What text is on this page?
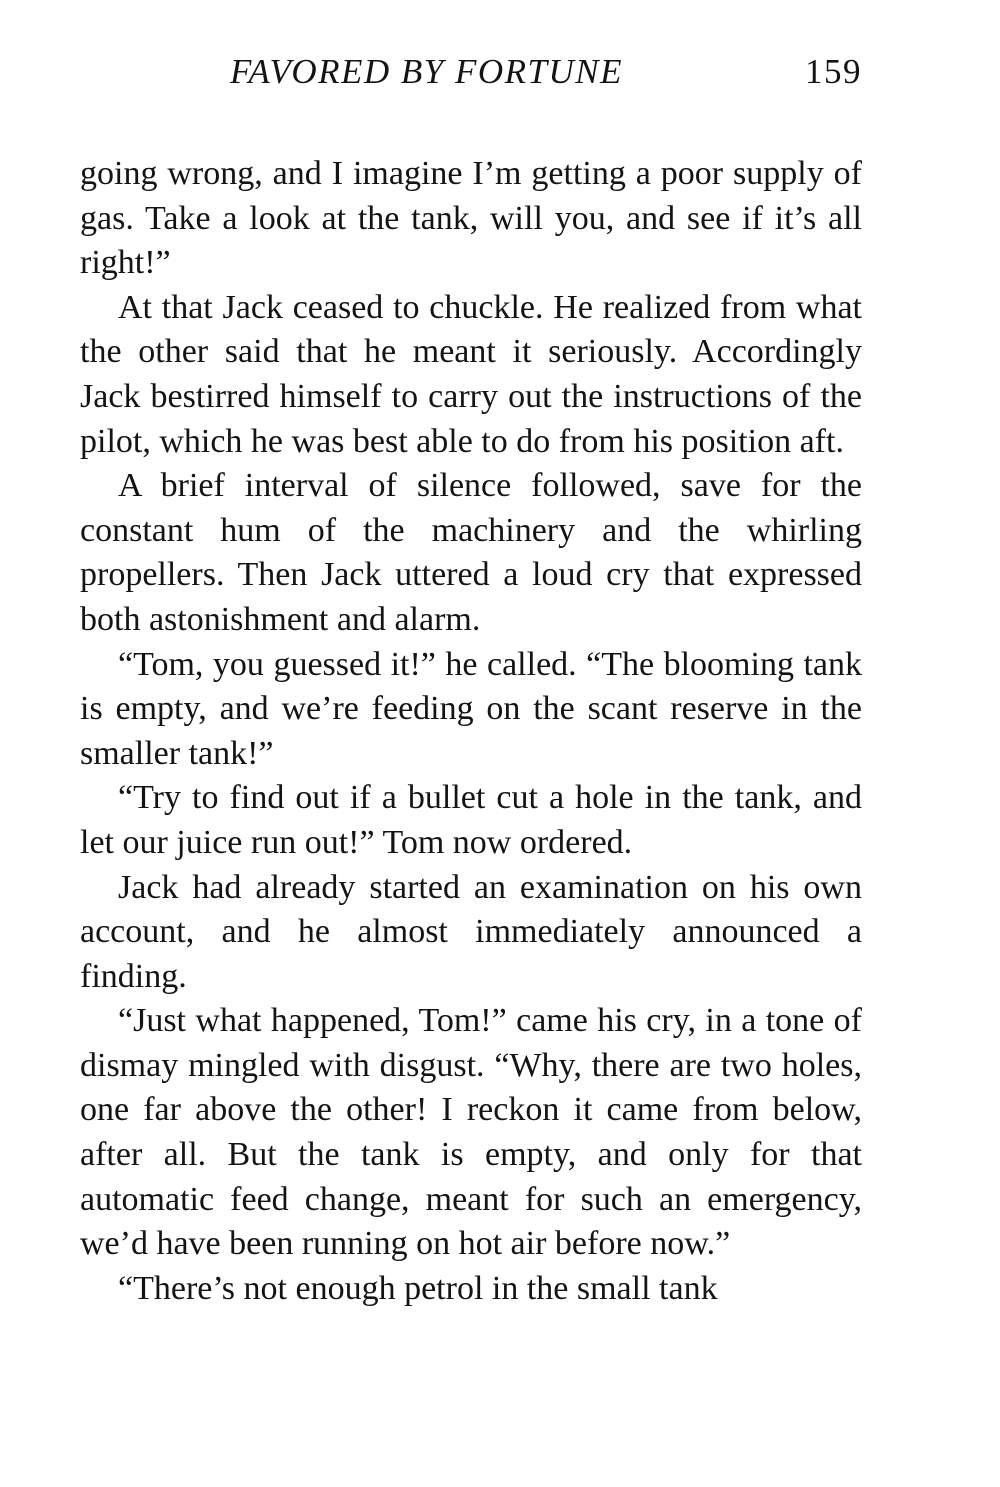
FAVORED BY FORTUNE	159

going wrong, and I imagine I’m getting a poor supply of gas. Take a look at the tank, will you, and see if it’s all right!”

At that Jack ceased to chuckle. He realized from what the other said that he meant it seriously. Accordingly Jack bestirred himself to carry out the instructions of the pilot, which he was best able to do from his position aft.

A brief interval of silence followed, save for the constant hum of the machinery and the whirling propellers. Then Jack uttered a loud cry that expressed both astonishment and alarm.

“Tom, you guessed it!” he called. “The blooming tank is empty, and we’re feeding on the scant reserve in the smaller tank!”

“Try to find out if a bullet cut a hole in the tank, and let our juice run out!” Tom now ordered.

Jack had already started an examination on his own account, and he almost immediately announced a finding.

“Just what happened, Tom!” came his cry, in a tone of dismay mingled with disgust. “Why, there are two holes, one far above the other! I reckon it came from below, after all. But the tank is empty, and only for that automatic feed change, meant for such an emergency, we’d have been running on hot air before now.”

“There’s not enough petrol in the small tank
